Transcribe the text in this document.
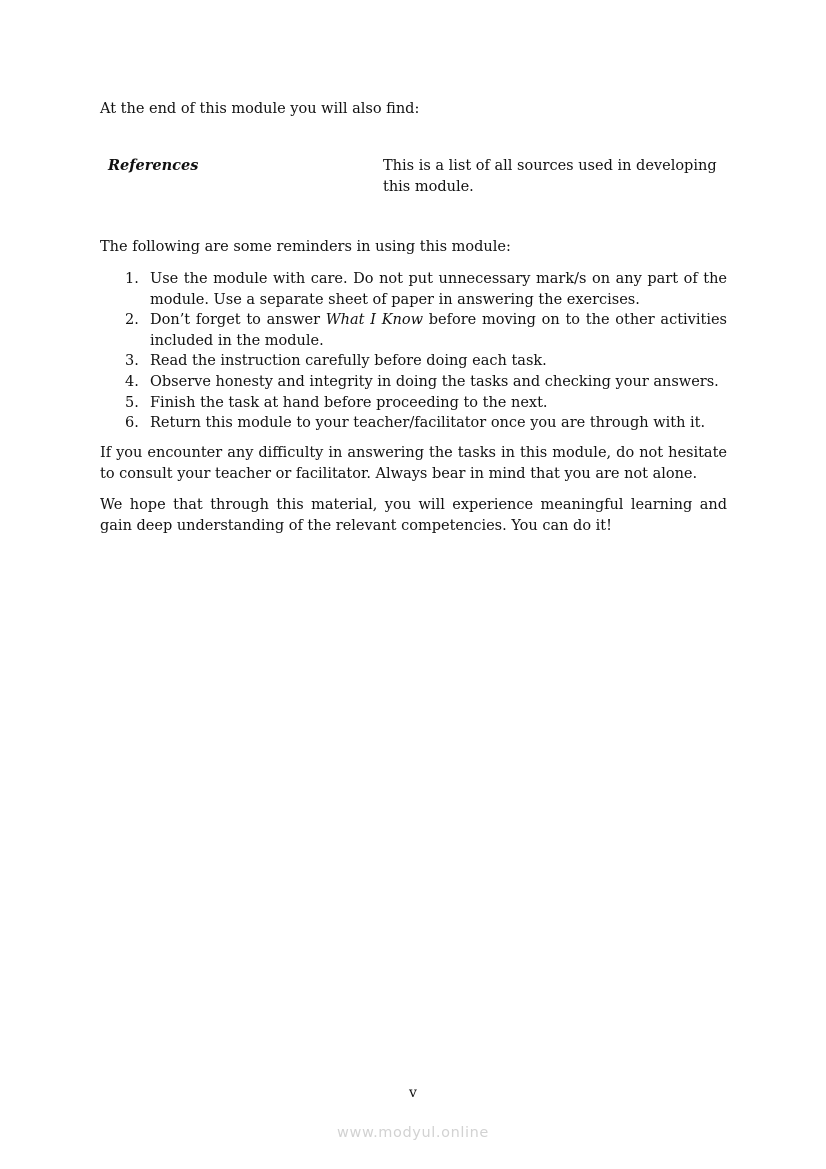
At the end of this module you will also find:

References	This is a list of all sources used in developing this module.

The following are some reminders in using this module:

1. Use the module with care. Do not put unnecessary mark/s on any part of the module. Use a separate sheet of paper in answering the exercises.
2. Don’t forget to answer What I Know before moving on to the other activities included in the module.
3. Read the instruction carefully before doing each task.
4. Observe honesty and integrity in doing the tasks and checking your answers.
5. Finish the task at hand before proceeding to the next.
6. Return this module to your teacher/facilitator once you are through with it.

If you encounter any difficulty in answering the tasks in this module, do not hesitate to consult your teacher or facilitator. Always bear in mind that you are not alone.

We hope that through this material, you will experience meaningful learning and gain deep understanding of the relevant competencies. You can do it!

v
www.modyul.online
